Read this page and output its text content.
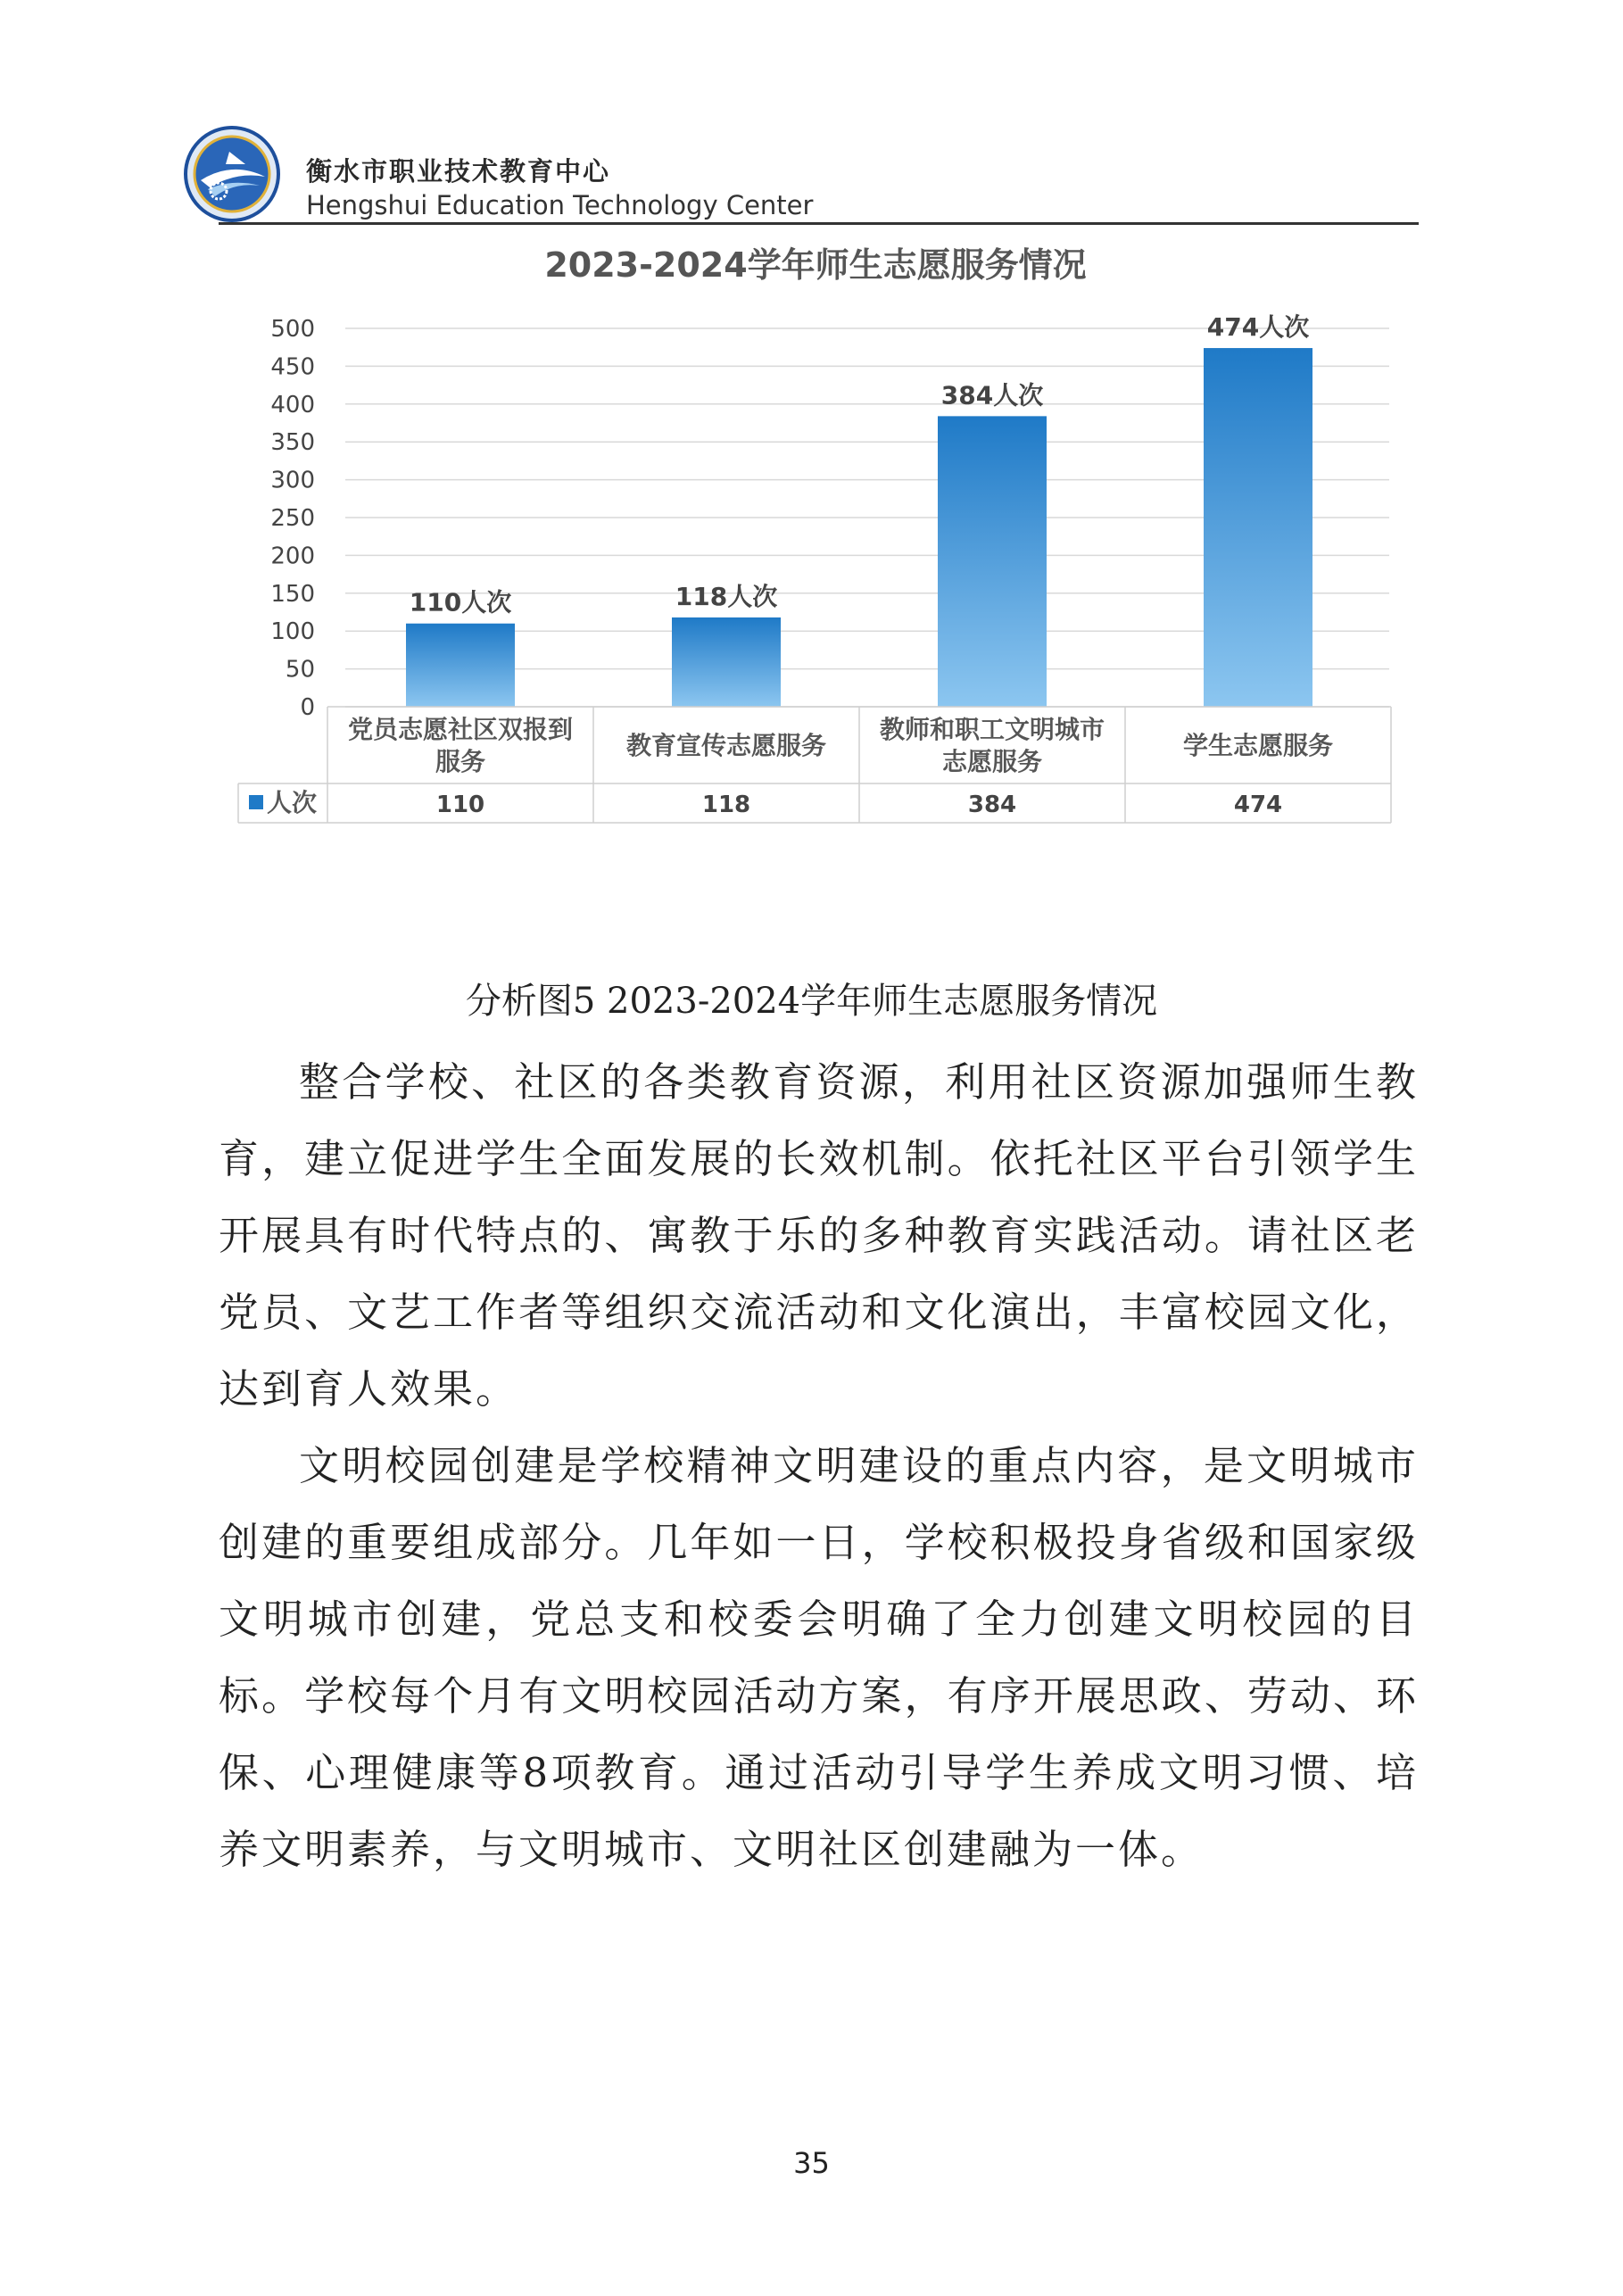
衡水市职业技术教育中心
Hengshui Education Technology Center
2023-2024学年师生志愿服务情况
0
50
100
150
200
250
300
350
400
450
500
110人次	118人次
384人次
474人次
党员志愿社区双报到
服务
110
教育宣传志愿服务
118
教师和职工文明城市
志愿服务
384
学生志愿服务
474
人次
分析图5 2023-2024学年师生志愿服务情况

整合学校、社区的各类教育资源，利用社区资源加强师生教育，建立促进学生全面发展的长效机制。依托社区平台引领学生开展具有时代特点的、寓教于乐的多种教育实践活动。请社区老党员、文艺工作者等组织交流活动和文化演出，丰富校园文化，达到育人效果。

文明校园创建是学校精神文明建设的重点内容，是文明城市创建的重要组成部分。几年如一日，学校积极投身省级和国家级文明城市创建，党总支和校委会明确了全力创建文明校园的目标。学校每个月有文明校园活动方案，有序开展思政、劳动、环保、心理健康等8项教育。通过活动引导学生养成文明习惯、培养文明素养，与文明城市、文明社区创建融为一体。

35
